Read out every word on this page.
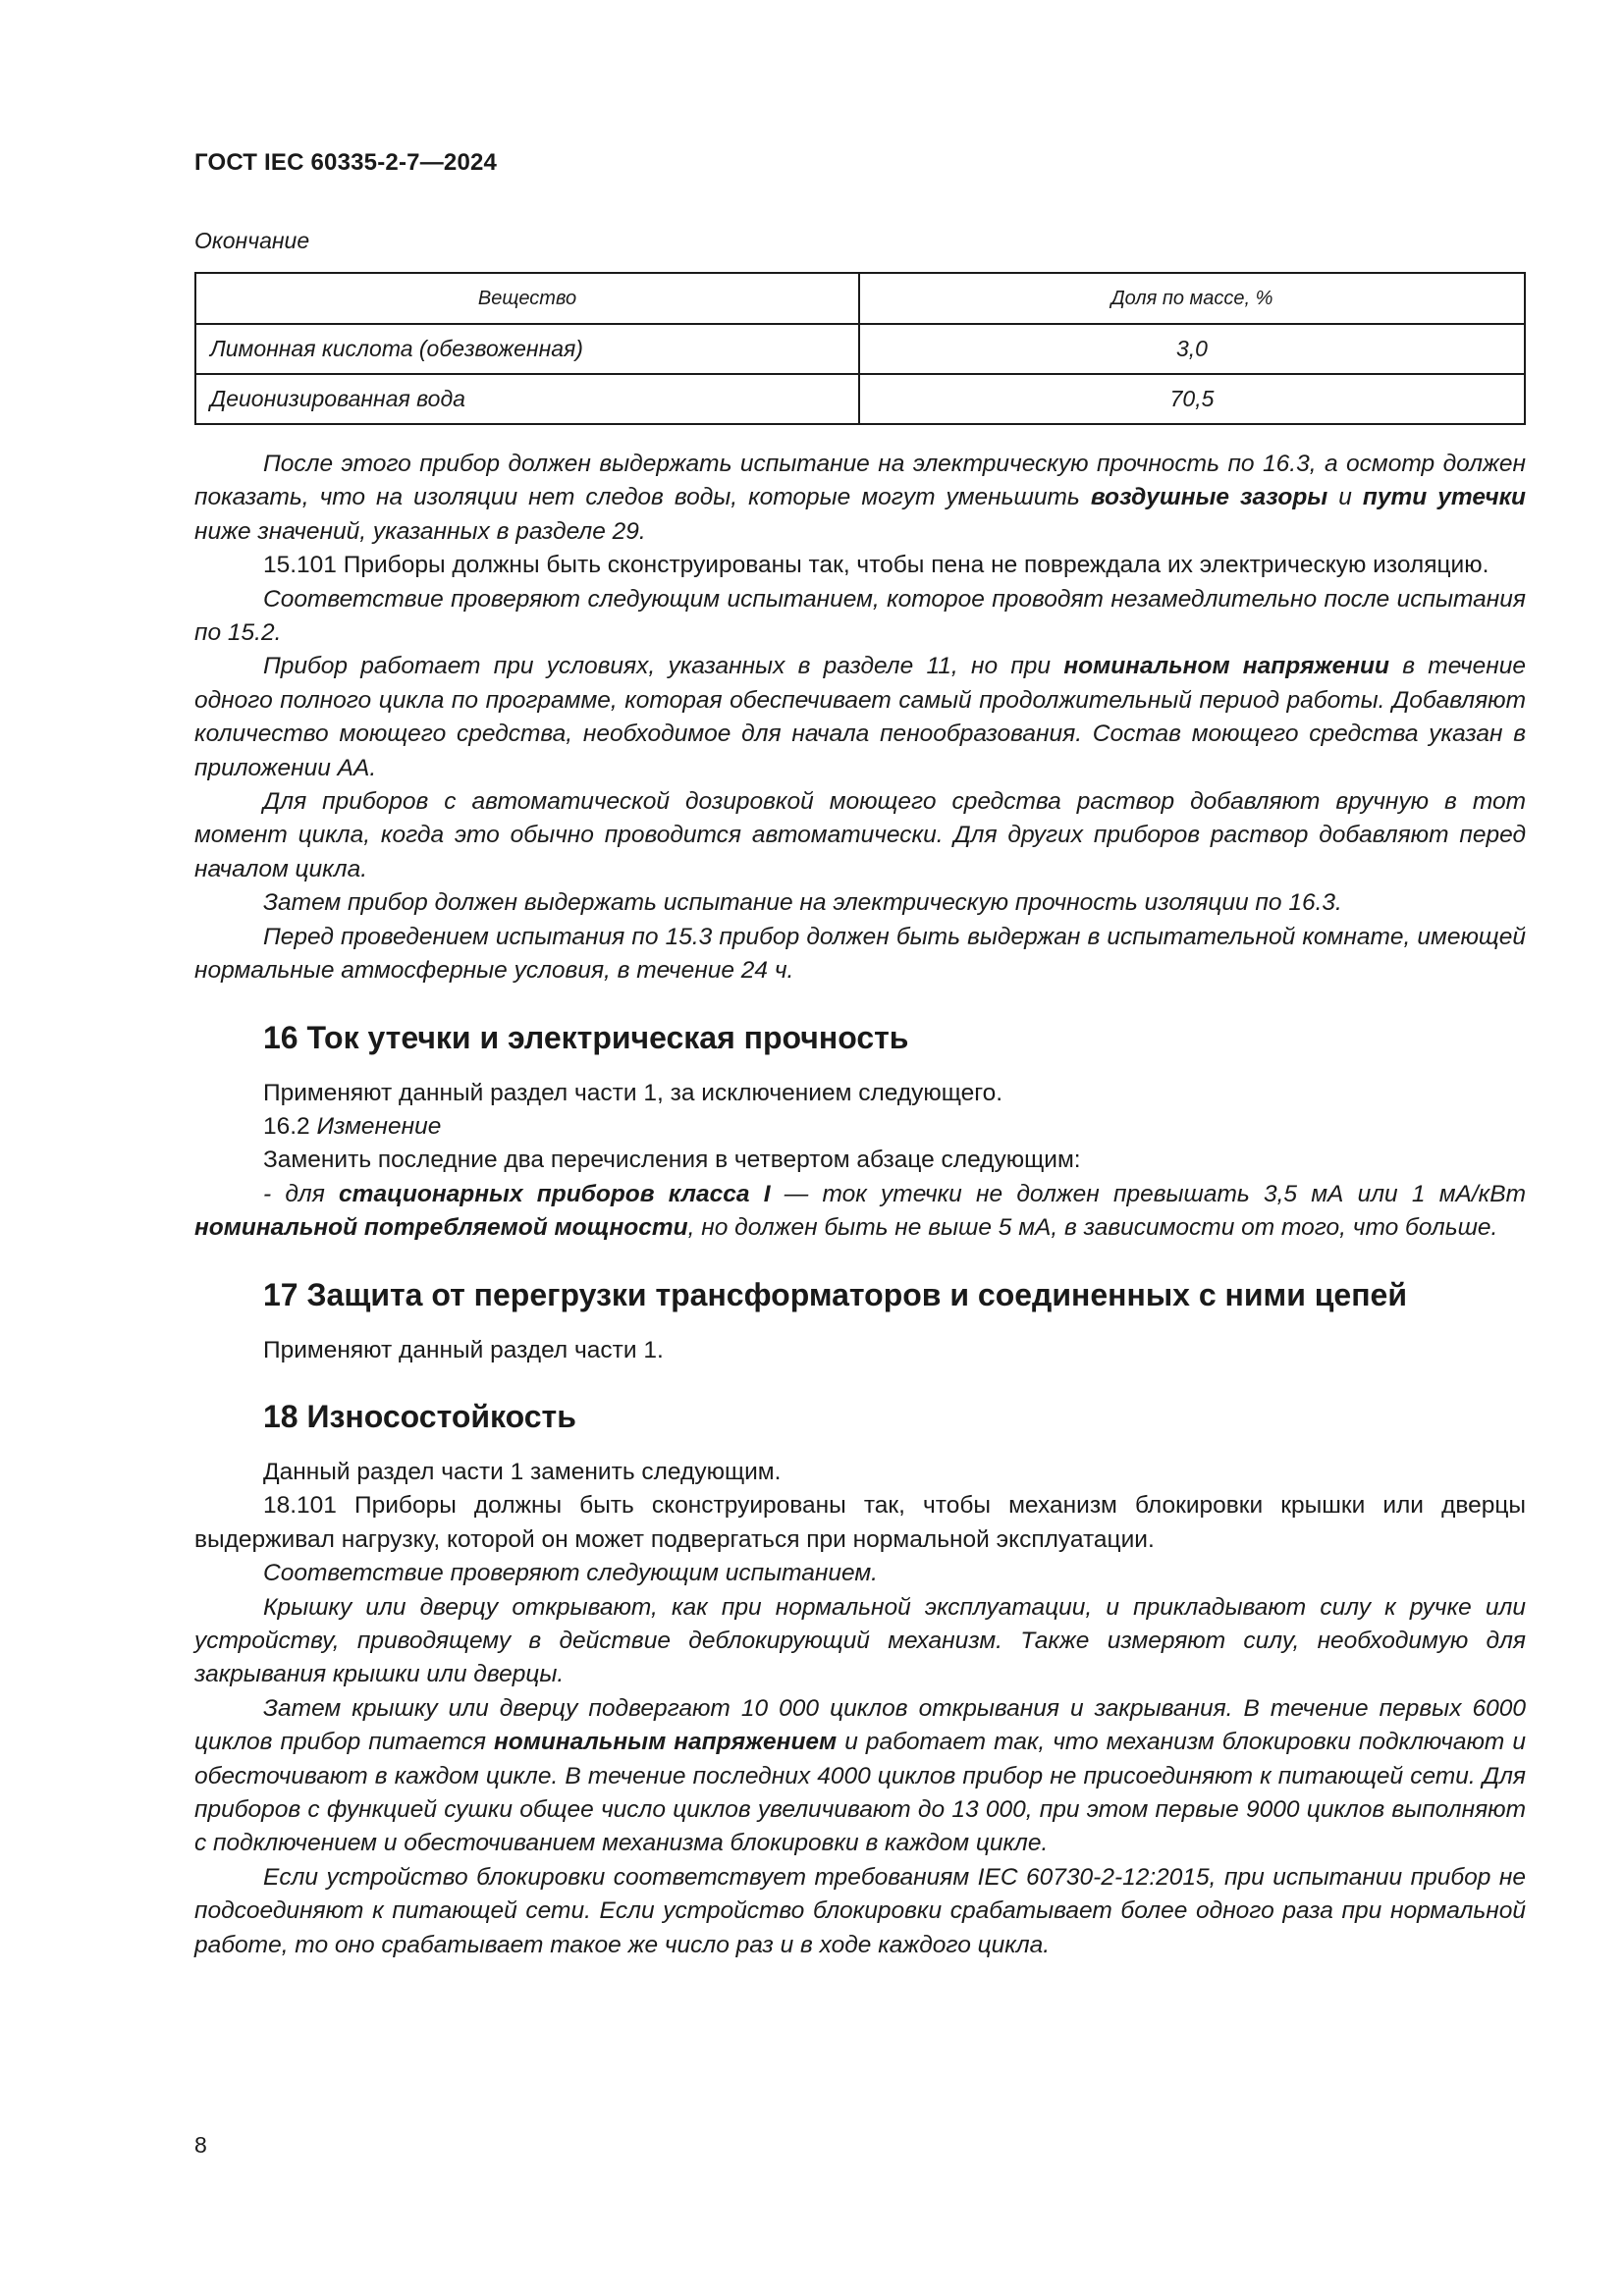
ГОСТ IEC 60335-2-7—2024
Окончание
Вещество	Доля по массе, %
Лимонная кислота (обезвоженная)	3,0
Деионизированная вода	70,5

После этого прибор должен выдержать испытание на электрическую прочность по 16.3, а осмотр должен показать, что на изоляции нет следов воды, которые могут уменьшить воздушные зазоры и пути утечки ниже значений, указанных в разделе 29.

15.101 Приборы должны быть сконструированы так, чтобы пена не повреждала их электрическую изоляцию.

Соответствие проверяют следующим испытанием, которое проводят незамедлительно после испытания по 15.2.

Прибор работает при условиях, указанных в разделе 11, но при номинальном напряжении в течение одного полного цикла по программе, которая обеспечивает самый продолжительный период работы. Добавляют количество моющего средства, необходимое для начала пенообразования. Состав моющего средства указан в приложении АА.

Для приборов с автоматической дозировкой моющего средства раствор добавляют вручную в тот момент цикла, когда это обычно проводится автоматически. Для других приборов раствор добавляют перед началом цикла.

Затем прибор должен выдержать испытание на электрическую прочность изоляции по 16.3.

Перед проведением испытания по 15.3 прибор должен быть выдержан в испытательной комнате, имеющей нормальные атмосферные условия, в течение 24 ч.

16 Ток утечки и электрическая прочность

Применяют данный раздел части 1, за исключением следующего.

16.2 Изменение

Заменить последние два перечисления в четвертом абзаце следующим:

- для стационарных приборов класса I — ток утечки не должен превышать 3,5 мА или 1 мА/кВт номинальной потребляемой мощности, но должен быть не выше 5 мА, в зависимости от того, что больше.

17 Защита от перегрузки трансформаторов и соединенных с ними цепей

Применяют данный раздел части 1.

18 Износостойкость

Данный раздел части 1 заменить следующим.

18.101 Приборы должны быть сконструированы так, чтобы механизм блокировки крышки или дверцы выдерживал нагрузку, которой он может подвергаться при нормальной эксплуатации.

Соответствие проверяют следующим испытанием.

Крышку или дверцу открывают, как при нормальной эксплуатации, и прикладывают силу к ручке или устройству, приводящему в действие деблокирующий механизм. Также измеряют силу, необходимую для закрывания крышки или дверцы.

Затем крышку или дверцу подвергают 10 000 циклов открывания и закрывания. В течение первых 6000 циклов прибор питается номинальным напряжением и работает так, что механизм блокировки подключают и обесточивают в каждом цикле. В течение последних 4000 циклов прибор не присоединяют к питающей сети. Для приборов с функцией сушки общее число циклов увеличивают до 13 000, при этом первые 9000 циклов выполняют с подключением и обесточиванием механизма блокировки в каждом цикле.

Если устройство блокировки соответствует требованиям IEC 60730-2-12:2015, при испытании прибор не подсоединяют к питающей сети. Если устройство блокировки срабатывает более одного раза при нормальной работе, то оно срабатывает такое же число раз и в ходе каждого цикла.

8
